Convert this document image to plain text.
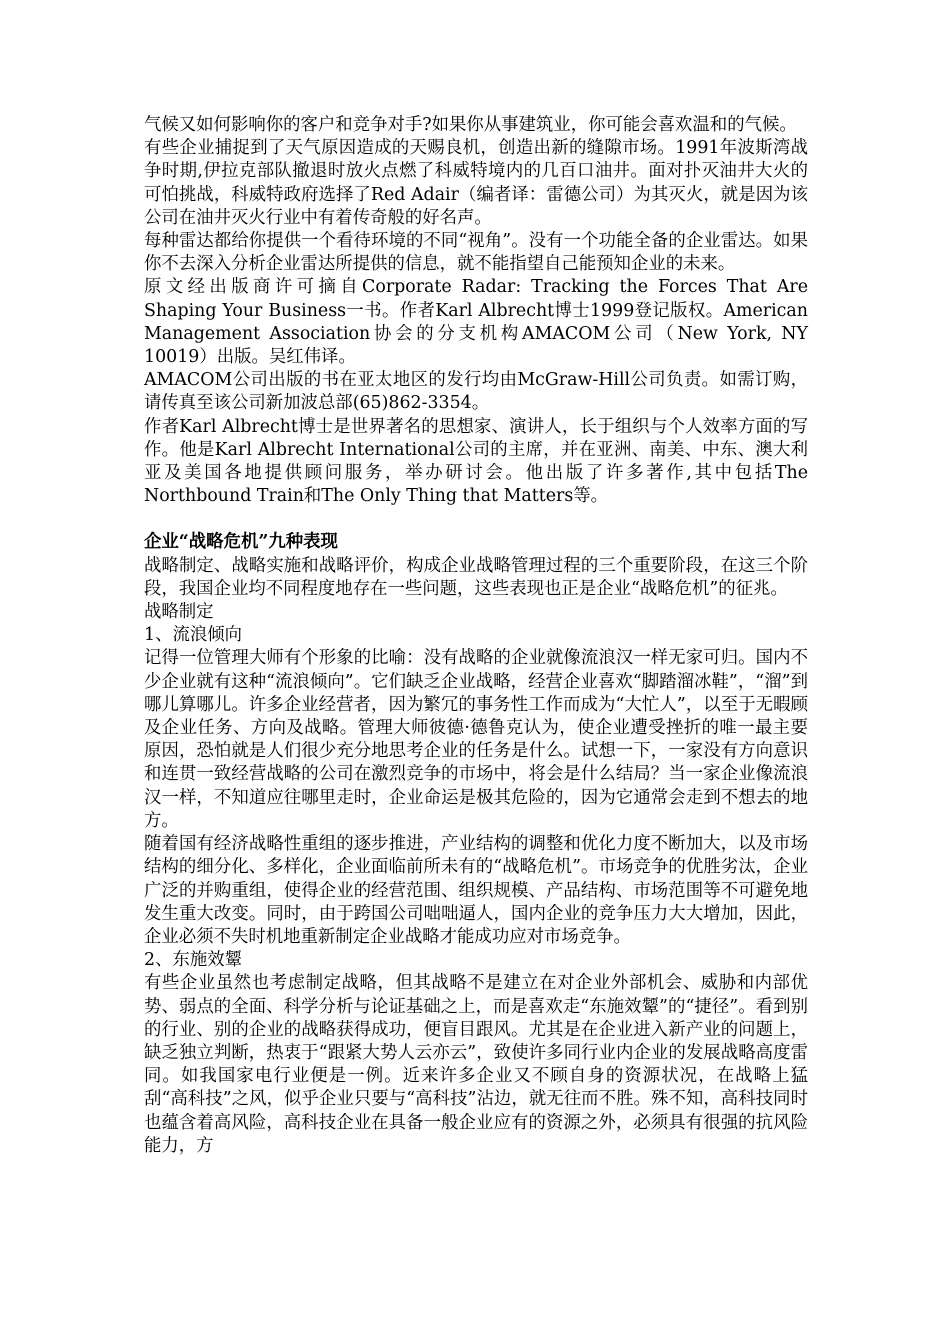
气候又如何影响你的客户和竞争对手?如果你从事建筑业，你可能会喜欢温和的气候。

有些企业捕捉到了天气原因造成的天赐良机，创造出新的缝隙市场。1991年波斯湾战争时期,伊拉克部队撤退时放火点燃了科威特境内的几百口油井。面对扑灭油井大火的可怕挑战，科威特政府选择了Red Adair（编者译：雷德公司）为其灭火，就是因为该公司在油井灭火行业中有着传奇般的好名声。

每种雷达都给你提供一个看待环境的不同“视角”。没有一个功能全备的企业雷达。如果你不去深入分析企业雷达所提供的信息，就不能指望自己能预知企业的未来。

原文经出版商许可摘自Corporate Radar: Tracking the Forces That Are Shaping Your Business一书。作者Karl Albrecht博士1999登记版权。American Management Association协会的分支机构AMACOM公司（New York, NY 10019）出版。吴红伟译。

AMACOM公司出版的书在亚太地区的发行均由McGraw-Hill公司负责。如需订购，请传真至该公司新加波总部(65)862-3354。

作者Karl Albrecht博士是世界著名的思想家、演讲人，长于组织与个人效率方面的写作。他是Karl Albrecht International公司的主席，并在亚洲、南美、中东、澳大利亚及美国各地提供顾问服务，举办研讨会。他出版了许多著作,其中包括The Northbound Train和The Only Thing that Matters等。

企业“战略危机”九种表现

战略制定、战略实施和战略评价，构成企业战略管理过程的三个重要阶段，在这三个阶段，我国企业均不同程度地存在一些问题，这些表现也正是企业“战略危机”的征兆。

战略制定

1、流浪倾向

记得一位管理大师有个形象的比喻：没有战略的企业就像流浪汉一样无家可归。国内不少企业就有这种“流浪倾向”。它们缺乏企业战略，经营企业喜欢“脚踏溜冰鞋”，“溜”到哪儿算哪儿。许多企业经营者，因为繁冗的事务性工作而成为“大忙人”，以至于无暇顾及企业任务、方向及战略。管理大师彼德·德鲁克认为，使企业遭受挫折的唯一最主要原因，恐怕就是人们很少充分地思考企业的任务是什么。试想一下，一家没有方向意识和连贯一致经营战略的公司在激烈竞争的市场中，将会是什么结局？当一家企业像流浪汉一样，不知道应往哪里走时，企业命运是极其危险的，因为它通常会走到不想去的地方。

随着国有经济战略性重组的逐步推进，产业结构的调整和优化力度不断加大，以及市场结构的细分化、多样化，企业面临前所未有的“战略危机”。市场竞争的优胜劣汰，企业广泛的并购重组，使得企业的经营范围、组织规模、产品结构、市场范围等不可避免地发生重大改变。同时，由于跨国公司咄咄逼人，国内企业的竞争压力大大增加，因此，企业必须不失时机地重新制定企业战略才能成功应对市场竞争。

2、东施效颦

有些企业虽然也考虑制定战略，但其战略不是建立在对企业外部机会、威胁和内部优势、弱点的全面、科学分析与论证基础之上，而是喜欢走“东施效颦”的“捷径”。看到别的行业、别的企业的战略获得成功，便盲目跟风。尤其是在企业进入新产业的问题上，缺乏独立判断，热衷于“跟紧大势人云亦云”，致使许多同行业内企业的发展战略高度雷同。如我国家电行业便是一例。近来许多企业又不顾自身的资源状况，在战略上猛刮“高科技”之风，似乎企业只要与“高科技”沾边，就无往而不胜。殊不知，高科技同时也蕴含着高风险，高科技企业在具备一般企业应有的资源之外，必须具有很强的抗风险能力，方
